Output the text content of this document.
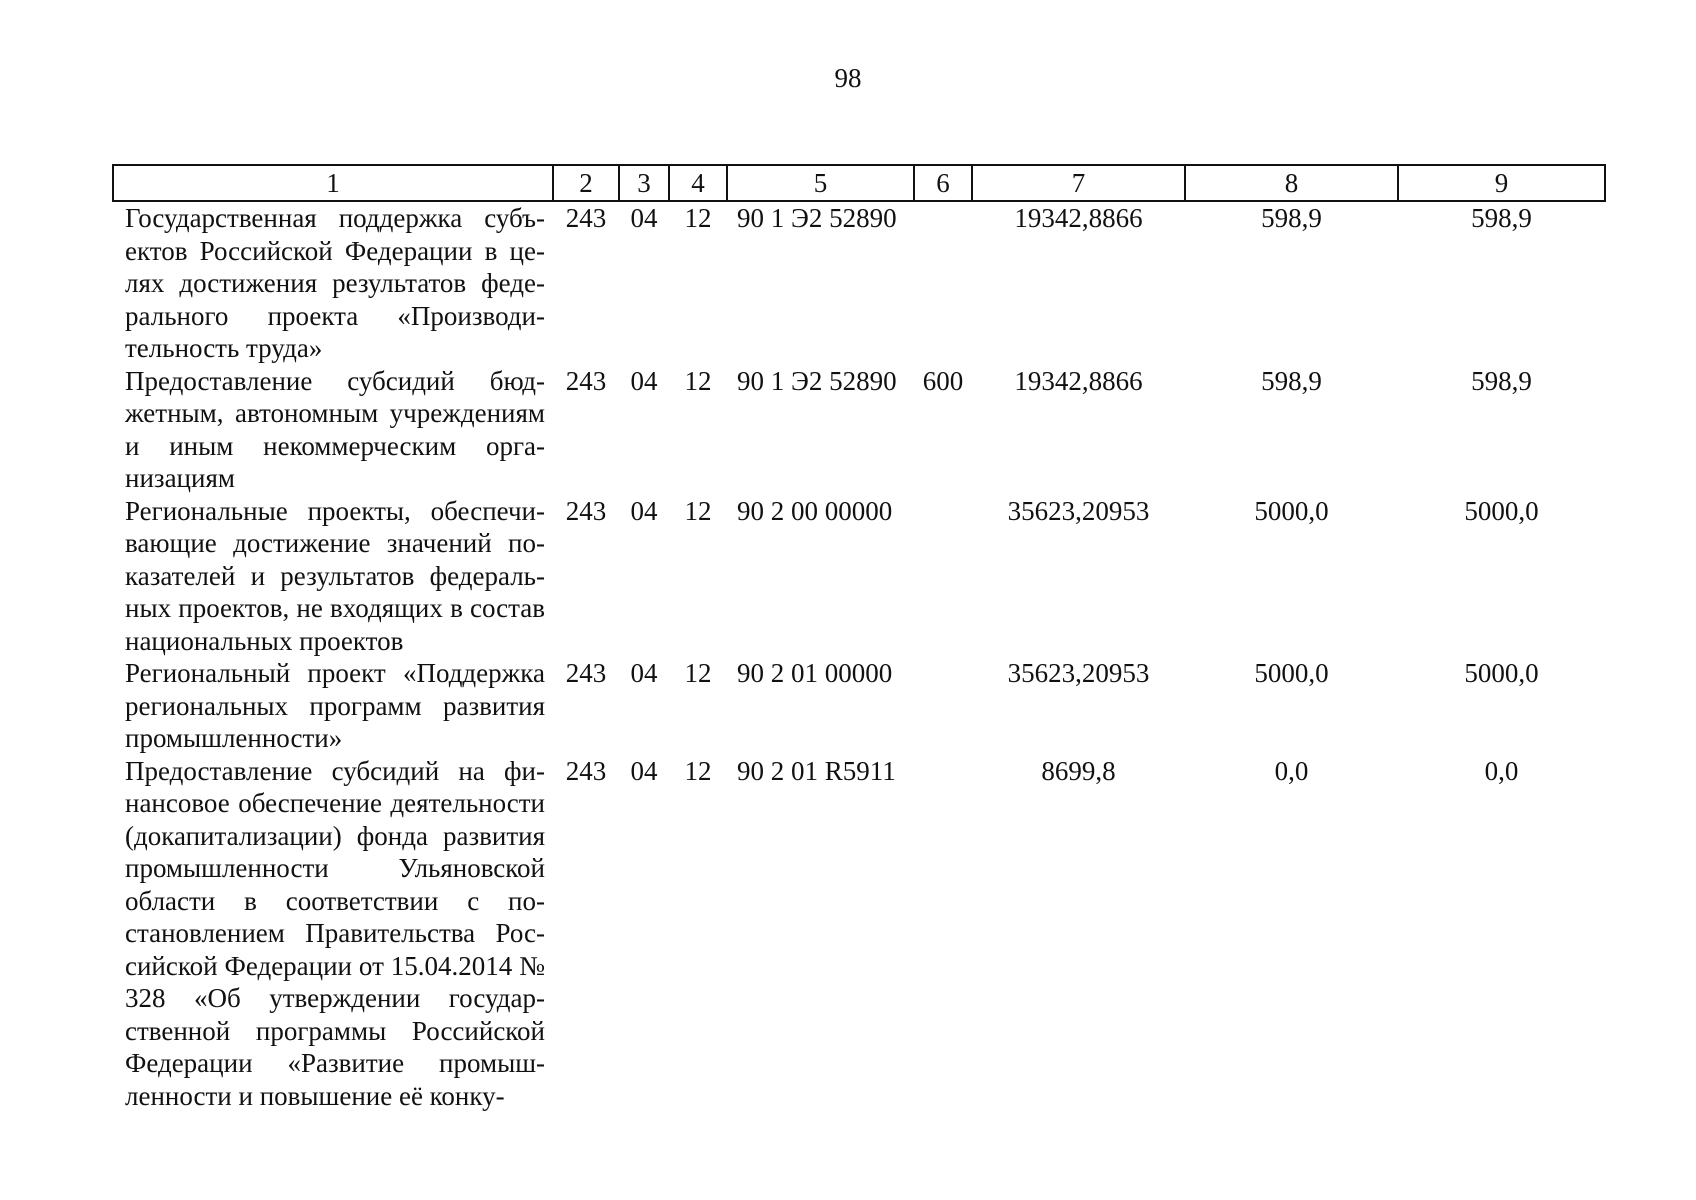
98
1	2	3	4	5	6	7	8	9
Государственная поддержка субъектов Российской Федерации в целях достижения результатов федерального проекта «Производительность труда»	243	04	12	90 1 Э2 52890		19342,8866	598,9	598,9
Предоставление субсидий бюджетным, автономным учреждениям и иным некоммерческим организациям	243	04	12	90 1 Э2 52890	600	19342,8866	598,9	598,9
Региональные проекты, обеспечивающие достижение значений показателей и результатов федеральных проектов, не входящих в состав национальных проектов	243	04	12	90 2 00 00000		35623,20953	5000,0	5000,0
Региональный проект «Поддержка региональных программ развития промышленности»	243	04	12	90 2 01 00000		35623,20953	5000,0	5000,0
Предоставление субсидий на финансовое обеспечение деятельности (докапитализации) фонда развития промышленности Ульяновской области в соответствии с постановлением Правительства Российской Федерации от 15.04.2014 № 328 «Об утверждении государственной программы Российской Федерации «Развитие промышленности и повышение её конку-	243	04	12	90 2 01 R5911		8699,8	0,0	0,0
